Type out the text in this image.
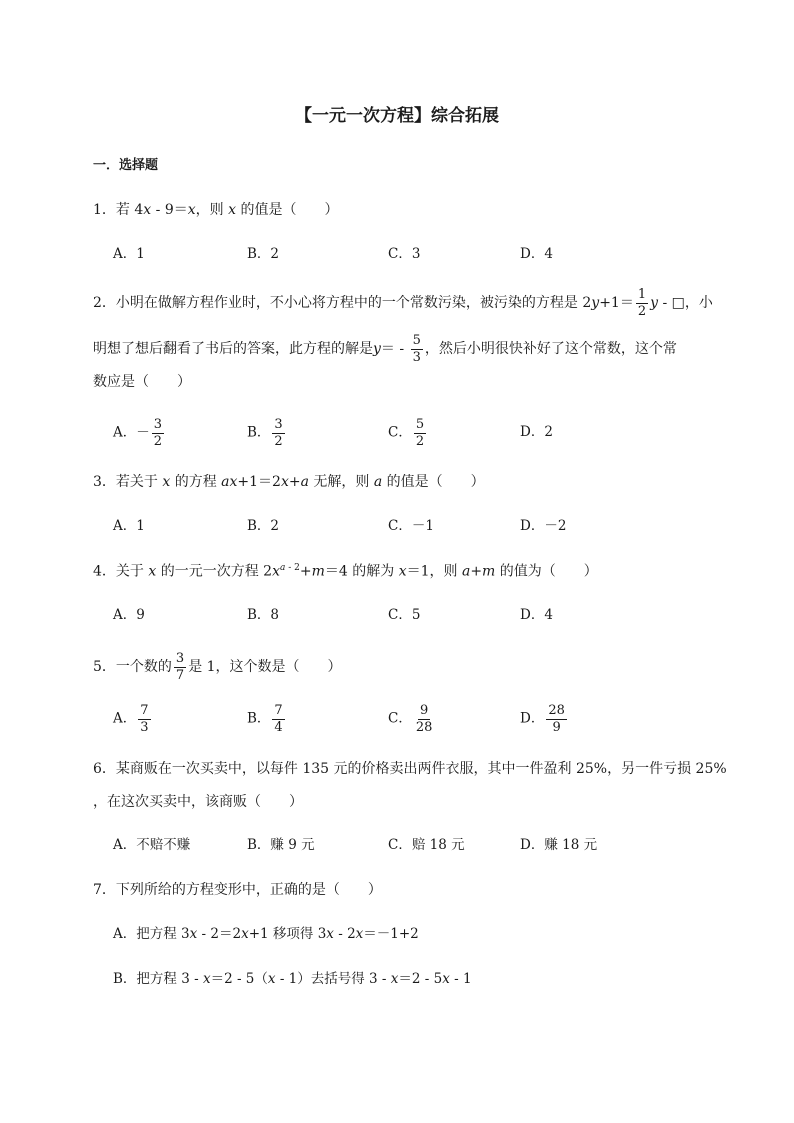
【一元一次方程】综合拓展
一．选择题
1．若 4x - 9＝x，则 x 的值是（　　）
A．1	B．2	C．3	D．4
2．小明在做解方程作业时，不小心将方程中的一个常数污染，被污染的方程是 $2y+1= \frac{1}{2}$ y - □，小
明想了想后翻看了书后的答案，此方程的解是$y= - \frac{5}{3}$ ，然后小明很快补好了这个常数，这个常
数应是（　　）
A．－ $\frac{3}{2}$	B． $\frac{3}{2}$	C． $\frac{5}{2}$	D．2
3．若关于 x 的方程 ax+1＝2x+a 无解，则 a 的值是（　　）
A．1	B．2	C．－1	D．－2
4．关于 x 的一元一次方程 $2x^{a - 2}+m=4$ 的解为 x＝1，则 a+m 的值为（　　）
A．9	B．8	C．5	D．4
5．一个数的 $\frac{3}{7}$ 是 1，这个数是（　　）
A． $\frac{7}{3}$	B． $\frac{7}{4}$	C． $\frac{9}{28}$	D． $\frac{28}{9}$
6．某商贩在一次买卖中，以每件 135 元的价格卖出两件衣服，其中一件盈利 25%，另一件亏损 25%
，在这次买卖中，该商贩（　　）
A．不赔不赚	B．赚 9 元	C．赔 18 元	D．赚 18 元
7．下列所给的方程变形中，正确的是（　　）
A．把方程 3x - 2＝2x+1 移项得 3x - 2x＝－1+2
B．把方程 3 - x＝2 - 5（x - 1）去括号得 3 - x＝2 - 5x - 1
